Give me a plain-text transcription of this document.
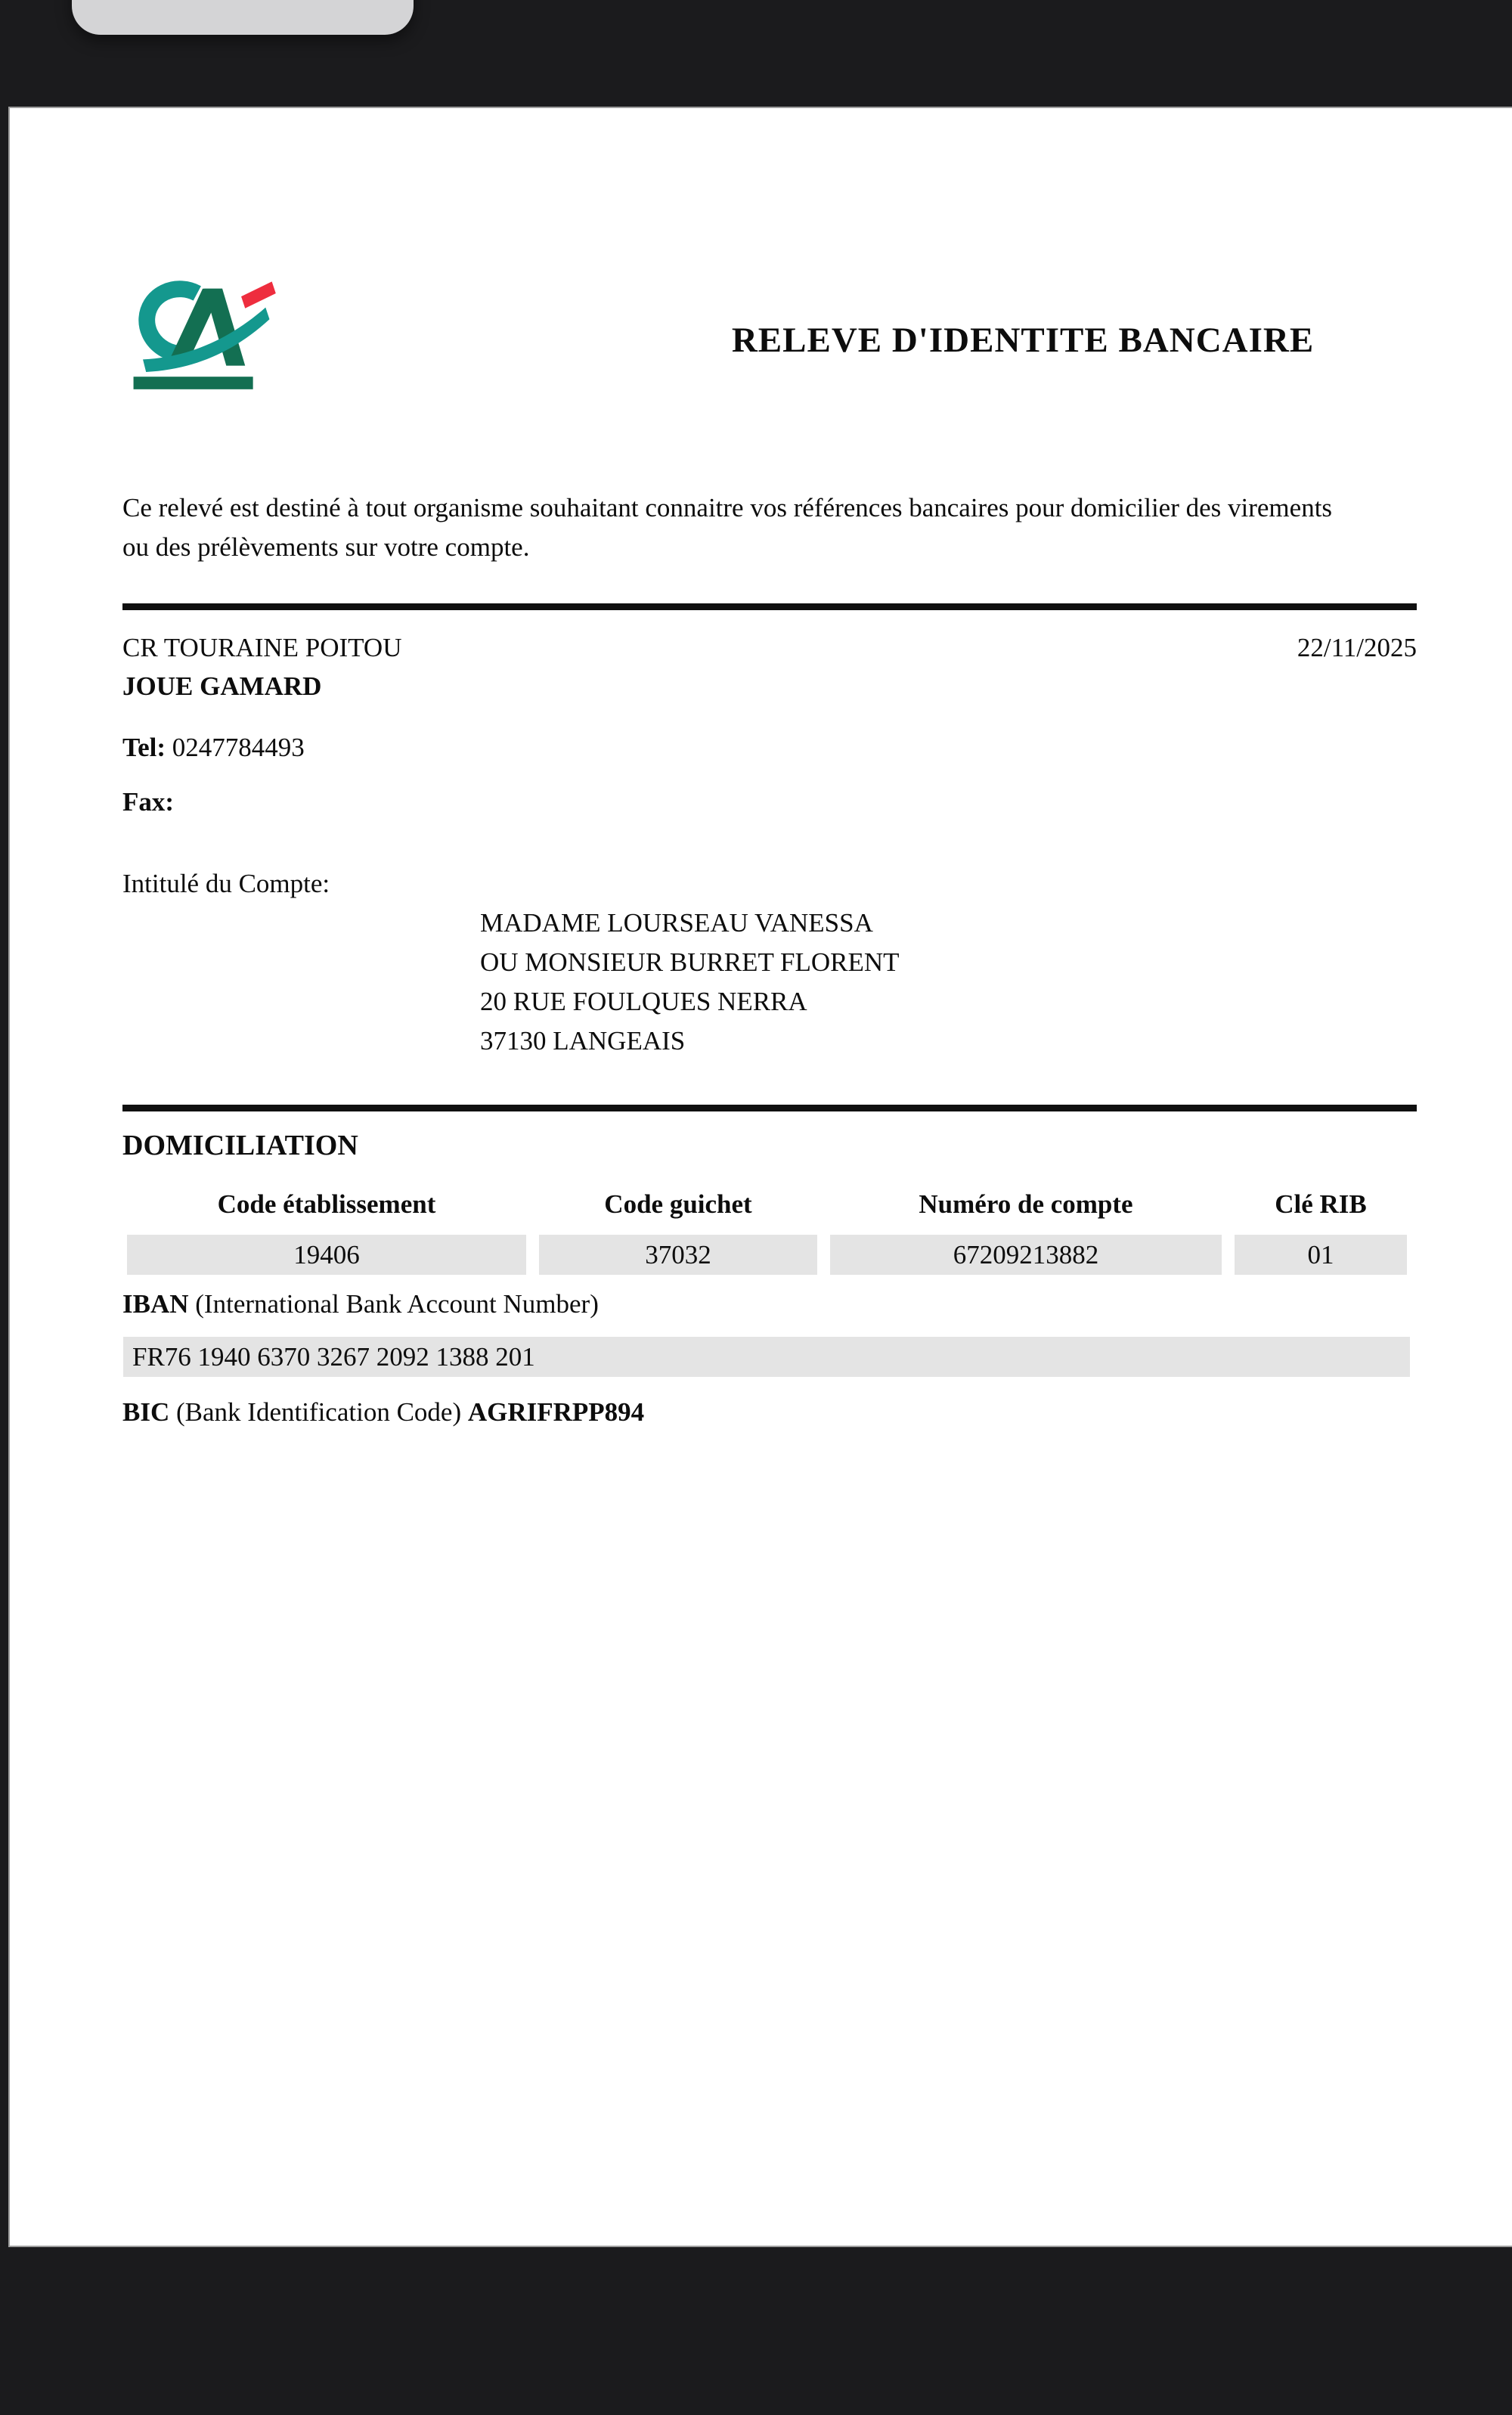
RELEVE D'IDENTITE BANCAIRE
Ce relevé est destiné à tout organisme souhaitant connaitre vos références bancaires pour domicilier des virements ou des prélèvements sur votre compte.
CR TOURAINE POITOU	22/11/2025
JOUE GAMARD
Tel: 0247784493
Fax:
Intitulé du Compte:
MADAME LOURSEAU VANESSA
OU MONSIEUR BURRET FLORENT
20 RUE FOULQUES NERRA
37130 LANGEAIS
DOMICILIATION
Code établissement	Code guichet	Numéro de compte	Clé RIB
19406	37032	67209213882	01
IBAN (International Bank Account Number)
FR76 1940 6370 3267 2092 1388 201
BIC (Bank Identification Code) AGRIFRPP894
